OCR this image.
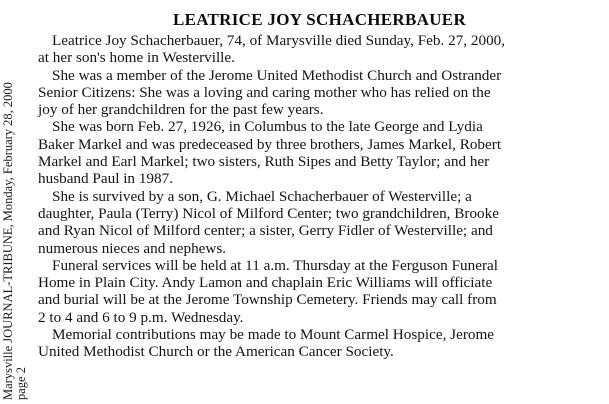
Marysville JOURNAL-TRIBUNE, Monday, February 28, 2000 page 2
LEATRICE JOY SCHACHERBAUER

Leatrice Joy Schacherbauer, 74, of Marysville died Sunday, Feb. 27, 2000,
at her son's home in Westerville.

She was a member of the Jerome United Methodist Church and Ostrander
Senior Citizens: She was a loving and caring mother who has relied on the
joy of her grandchildren for the past few years.

She was born Feb. 27, 1926, in Columbus to the late George and Lydia
Baker Markel and was predeceased by three brothers, James Markel, Robert
Markel and Earl Markel; two sisters, Ruth Sipes and Betty Taylor; and her
husband Paul in 1987.

She is survived by a son, G. Michael Schacherbauer of Westerville; a
daughter, Paula (Terry) Nicol of Milford Center; two grandchildren, Brooke
and Ryan Nicol of Milford center; a sister, Gerry Fidler of Westerville; and
numerous nieces and nephews.

Funeral services will be held at 11 a.m. Thursday at the Ferguson Funeral
Home in Plain City. Andy Lamon and chaplain Eric Williams will officiate
and burial will be at the Jerome Township Cemetery. Friends may call from
2 to 4 and 6 to 9 p.m. Wednesday.

Memorial contributions may be made to Mount Carmel Hospice, Jerome
United Methodist Church or the American Cancer Society.
